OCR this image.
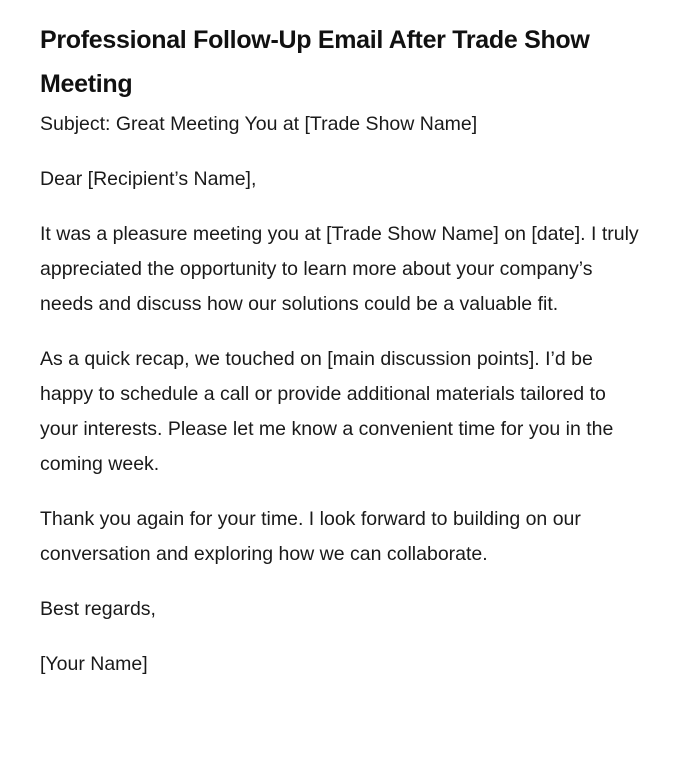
Professional Follow-Up Email After Trade Show Meeting

Subject: Great Meeting You at [Trade Show Name]

Dear [Recipient’s Name],

It was a pleasure meeting you at [Trade Show Name] on [date]. I truly appreciated the opportunity to learn more about your company’s needs and discuss how our solutions could be a valuable fit.

As a quick recap, we touched on [main discussion points]. I’d be happy to schedule a call or provide additional materials tailored to your interests. Please let me know a convenient time for you in the coming week.

Thank you again for your time. I look forward to building on our conversation and exploring how we can collaborate.

Best regards,

[Your Name]
